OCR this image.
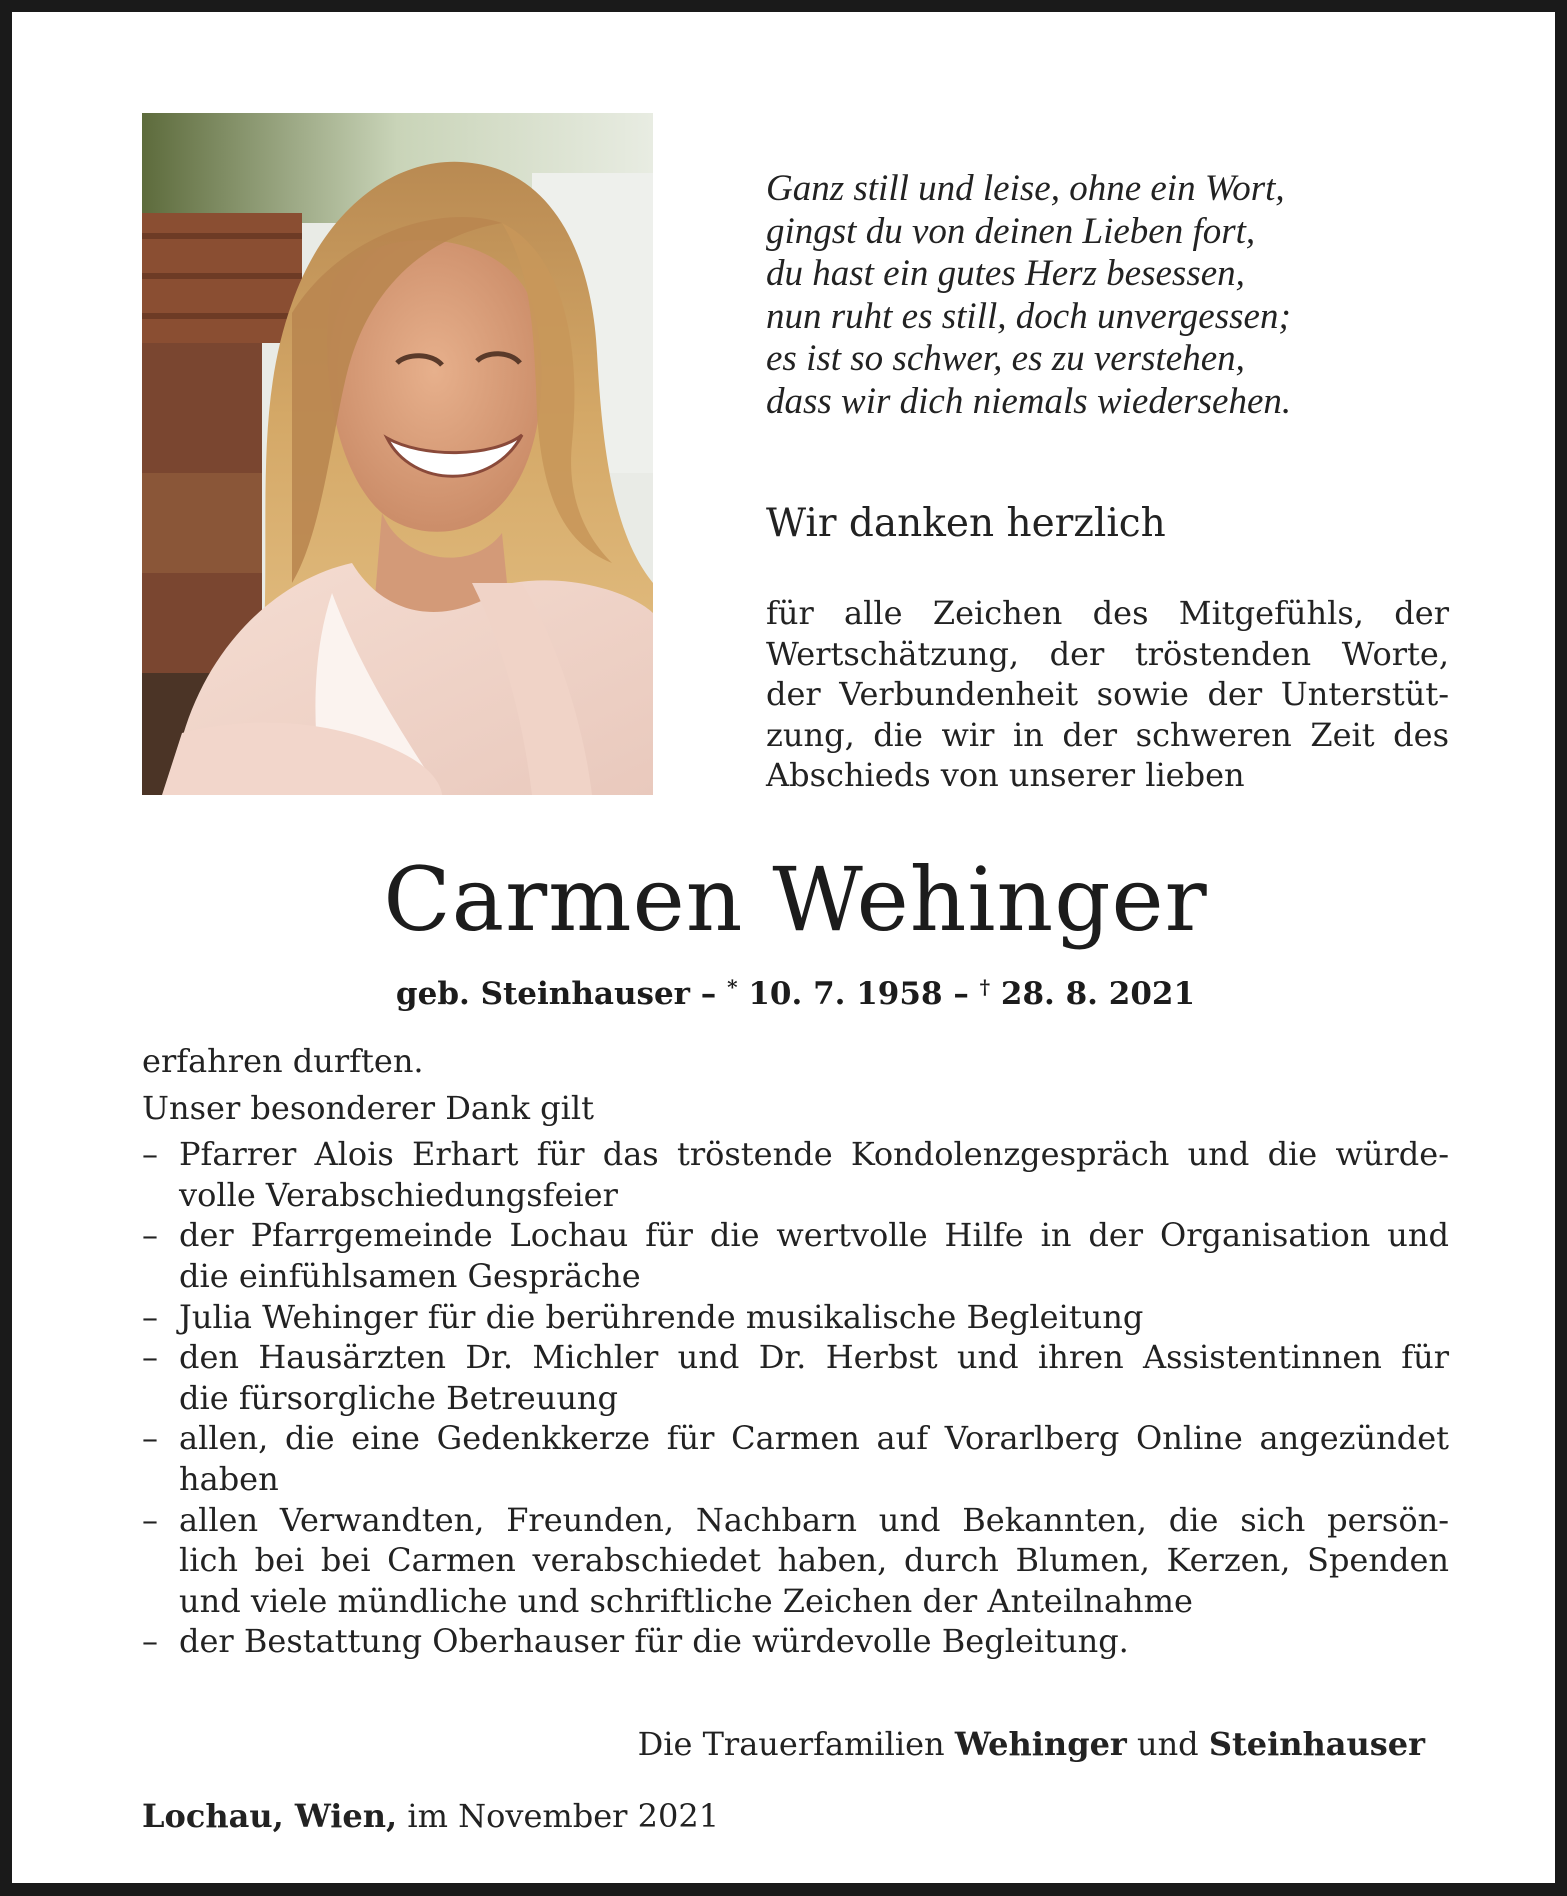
Ganz still und leise, ohne ein Wort,
gingst du von deinen Lieben fort,
du hast ein gutes Herz besessen,
nun ruht es still, doch unvergessen;
es ist so schwer, es zu verstehen,
dass wir dich niemals wiedersehen.
Wir danken herzlich
für alle Zeichen des Mitgefühls, der
Wertschätzung, der tröstenden Worte,
der Verbundenheit sowie der Unterstüt-
zung, die wir in der schweren Zeit des
Abschieds von unserer lieben
Carmen Wehinger
geb. Steinhauser – * 10. 7. 1958 – † 28. 8. 2021
erfahren durften.
Unser besonderer Dank gilt
– Pfarrer Alois Erhart für das tröstende Kondolenzgespräch und die würde-
volle Verabschiedungsfeier
– der Pfarrgemeinde Lochau für die wertvolle Hilfe in der Organisation und
die einfühlsamen Gespräche
– Julia Wehinger für die berührende musikalische Begleitung
– den Hausärzten Dr. Michler und Dr. Herbst und ihren Assistentinnen für
die fürsorgliche Betreuung
– allen, die eine Gedenkkerze für Carmen auf Vorarlberg Online angezündet
haben
– allen Verwandten, Freunden, Nachbarn und Bekannten, die sich persön-
lich bei bei Carmen verabschiedet haben, durch Blumen, Kerzen, Spenden
und viele mündliche und schriftliche Zeichen der Anteilnahme
– der Bestattung Oberhauser für die würdevolle Begleitung.
Die Trauerfamilien Wehinger und Steinhauser
Lochau, Wien, im November 2021
